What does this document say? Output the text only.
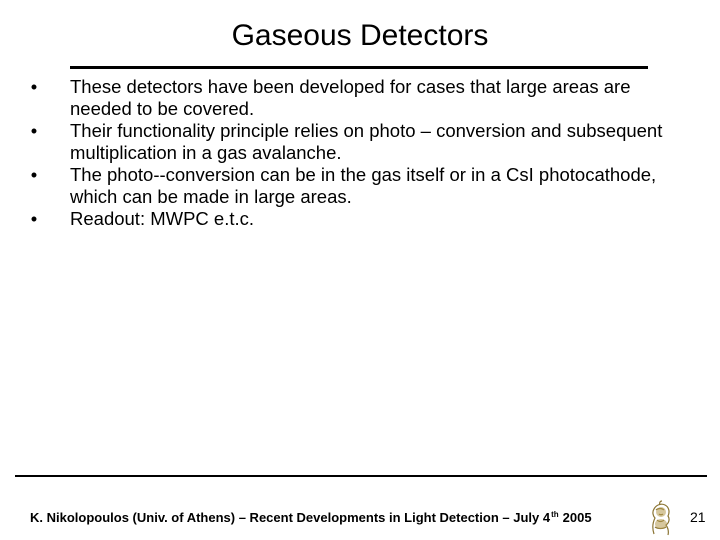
Gaseous Detectors
• These detectors have been developed for cases that large areas are needed to be covered.
• Their functionality principle relies on photo – conversion and subsequent multiplication in a gas avalanche.
• The photo--conversion can be in the gas itself or in a CsI photocathode, which can be made in large areas.
• Readout: MWPC e.t.c.
K. Nikolopoulos (Univ. of Athens) – Recent Developments in Light Detection – July 4th 2005	21
